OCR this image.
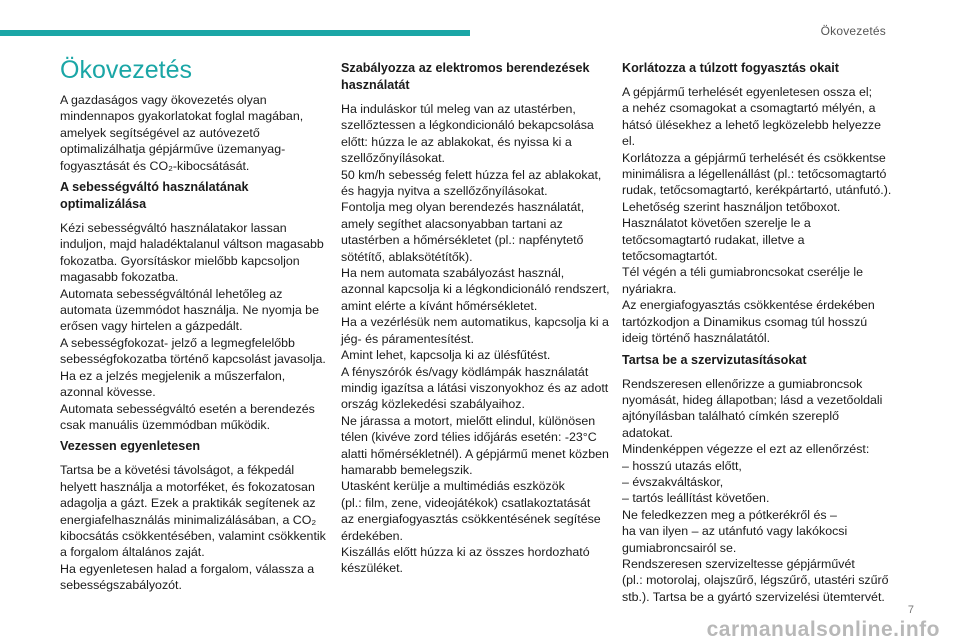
Ökovezetés
Ökovezetés
A gazdaságos vagy ökovezetés olyan
mindennapos gyakorlatokat foglal magában,
amelyek segítségével az autóvezető
optimalizálhatja gépjárműve üzemanyag-
fogyasztását és CO₂-kibocsátását.
A sebességváltó használatának optimalizálása
Kézi sebességváltó használatakor lassan
induljon, majd haladéktalanul váltson magasabb
fokozatba. Gyorsításkor mielőbb kapcsoljon
magasabb fokozatba.
Automata sebességváltónál lehetőleg az
automata üzemmódot használja. Ne nyomja be
erősen vagy hirtelen a gázpedált.
A sebességfokozat- jelző a legmegfelelőbb
sebességfokozatba történő kapcsolást javasolja.
Ha ez a jelzés megjelenik a műszerfalon,
azonnal kövesse.
Automata sebességváltó esetén a berendezés
csak manuális üzemmódban működik.
Vezessen egyenletesen
Tartsa be a követési távolságot, a fékpedál
helyett használja a motorféket, és fokozatosan
adagolja a gázt. Ezek a praktikák segítenek az
energiafelhasználás minimalizálásában, a CO₂
kibocsátás csökkentésében, valamint csökkentik
a forgalom általános zaját.
Ha egyenletesen halad a forgalom, válassza a
sebességszabályozót.
Szabályozza az elektromos berendezések használatát
Ha induláskor túl meleg van az utastérben,
szellőztessen a légkondicionáló bekapcsolása
előtt: húzza le az ablakokat, és nyissa ki a
szellőzőnyílásokat.
50 km/h sebesség felett húzza fel az ablakokat,
és hagyja nyitva a szellőzőnyílásokat.
Fontolja meg olyan berendezés használatát,
amely segíthet alacsonyabban tartani az
utastérben a hőmérsékletet (pl.: napfénytető
sötétítő, ablaksötétítők).
Ha nem automata szabályozást használ,
azonnal kapcsolja ki a légkondicionáló rendszert,
amint elérte a kívánt hőmérsékletet.
Ha a vezérlésük nem automatikus, kapcsolja ki a
jég- és páramentesítést.
Amint lehet, kapcsolja ki az ülésfűtést.
A fényszórók és/vagy ködlámpák használatát
mindig igazítsa a látási viszonyokhoz és az adott
ország közlekedési szabályaihoz.
Ne járassa a motort, mielőtt elindul, különösen
télen (kivéve zord télies időjárás esetén: -23°C
alatti hőmérsékletnél). A gépjármű menet közben
hamarabb bemelegszik.
Utasként kerülje a multimédiás eszközök
(pl.: film, zene, videojátékok) csatlakoztatását
az energiafogyasztás csökkentésének segítése
érdekében.
Kiszállás előtt húzza ki az összes hordozható
készüléket.
Korlátozza a túlzott fogyasztás okait
A gépjármű terhelését egyenletesen ossza el;
a nehéz csomagokat a csomagtartó mélyén, a
hátsó ülésekhez a lehető legközelebb helyezze
el.
Korlátozza a gépjármű terhelését és csökkentse
minimálisra a légellenállást (pl.: tetőcsomagtartó
rudak, tetőcsomagtartó, kerékpártartó, utánfutó.).
Lehetőség szerint használjon tetőboxot.
Használatot követően szerelje le a
tetőcsomagtartó rudakat, illetve a
tetőcsomagtartót.
Tél végén a téli gumiabroncsokat cserélje le
nyáriakra.
Az energiafogyasztás csökkentése érdekében
tartózkodjon a Dinamikus csomag túl hosszú
ideig történő használatától.
Tartsa be a szervizutasításokat
Rendszeresen ellenőrizze a gumiabroncsok
nyomását, hideg állapotban; lásd a vezetőoldali
ajtónyílásban található címkén szereplő
adatokat.
Mindenképpen végezze el ezt az ellenőrzést:
– hosszú utazás előtt,
– évszakváltáskor,
– tartós leállítást követően.
Ne feledkezzen meg a pótkerékről és –
ha van ilyen – az utánfutó vagy lakókocsi
gumiabroncsairól se.
Rendszeresen szervizeltesse gépjárművét
(pl.: motorolaj, olajszűrő, légszűrő, utastéri szűrő
stb.). Tartsa be a gyártó szervizelési ütemtervét.
7
carmanualsonline.info
